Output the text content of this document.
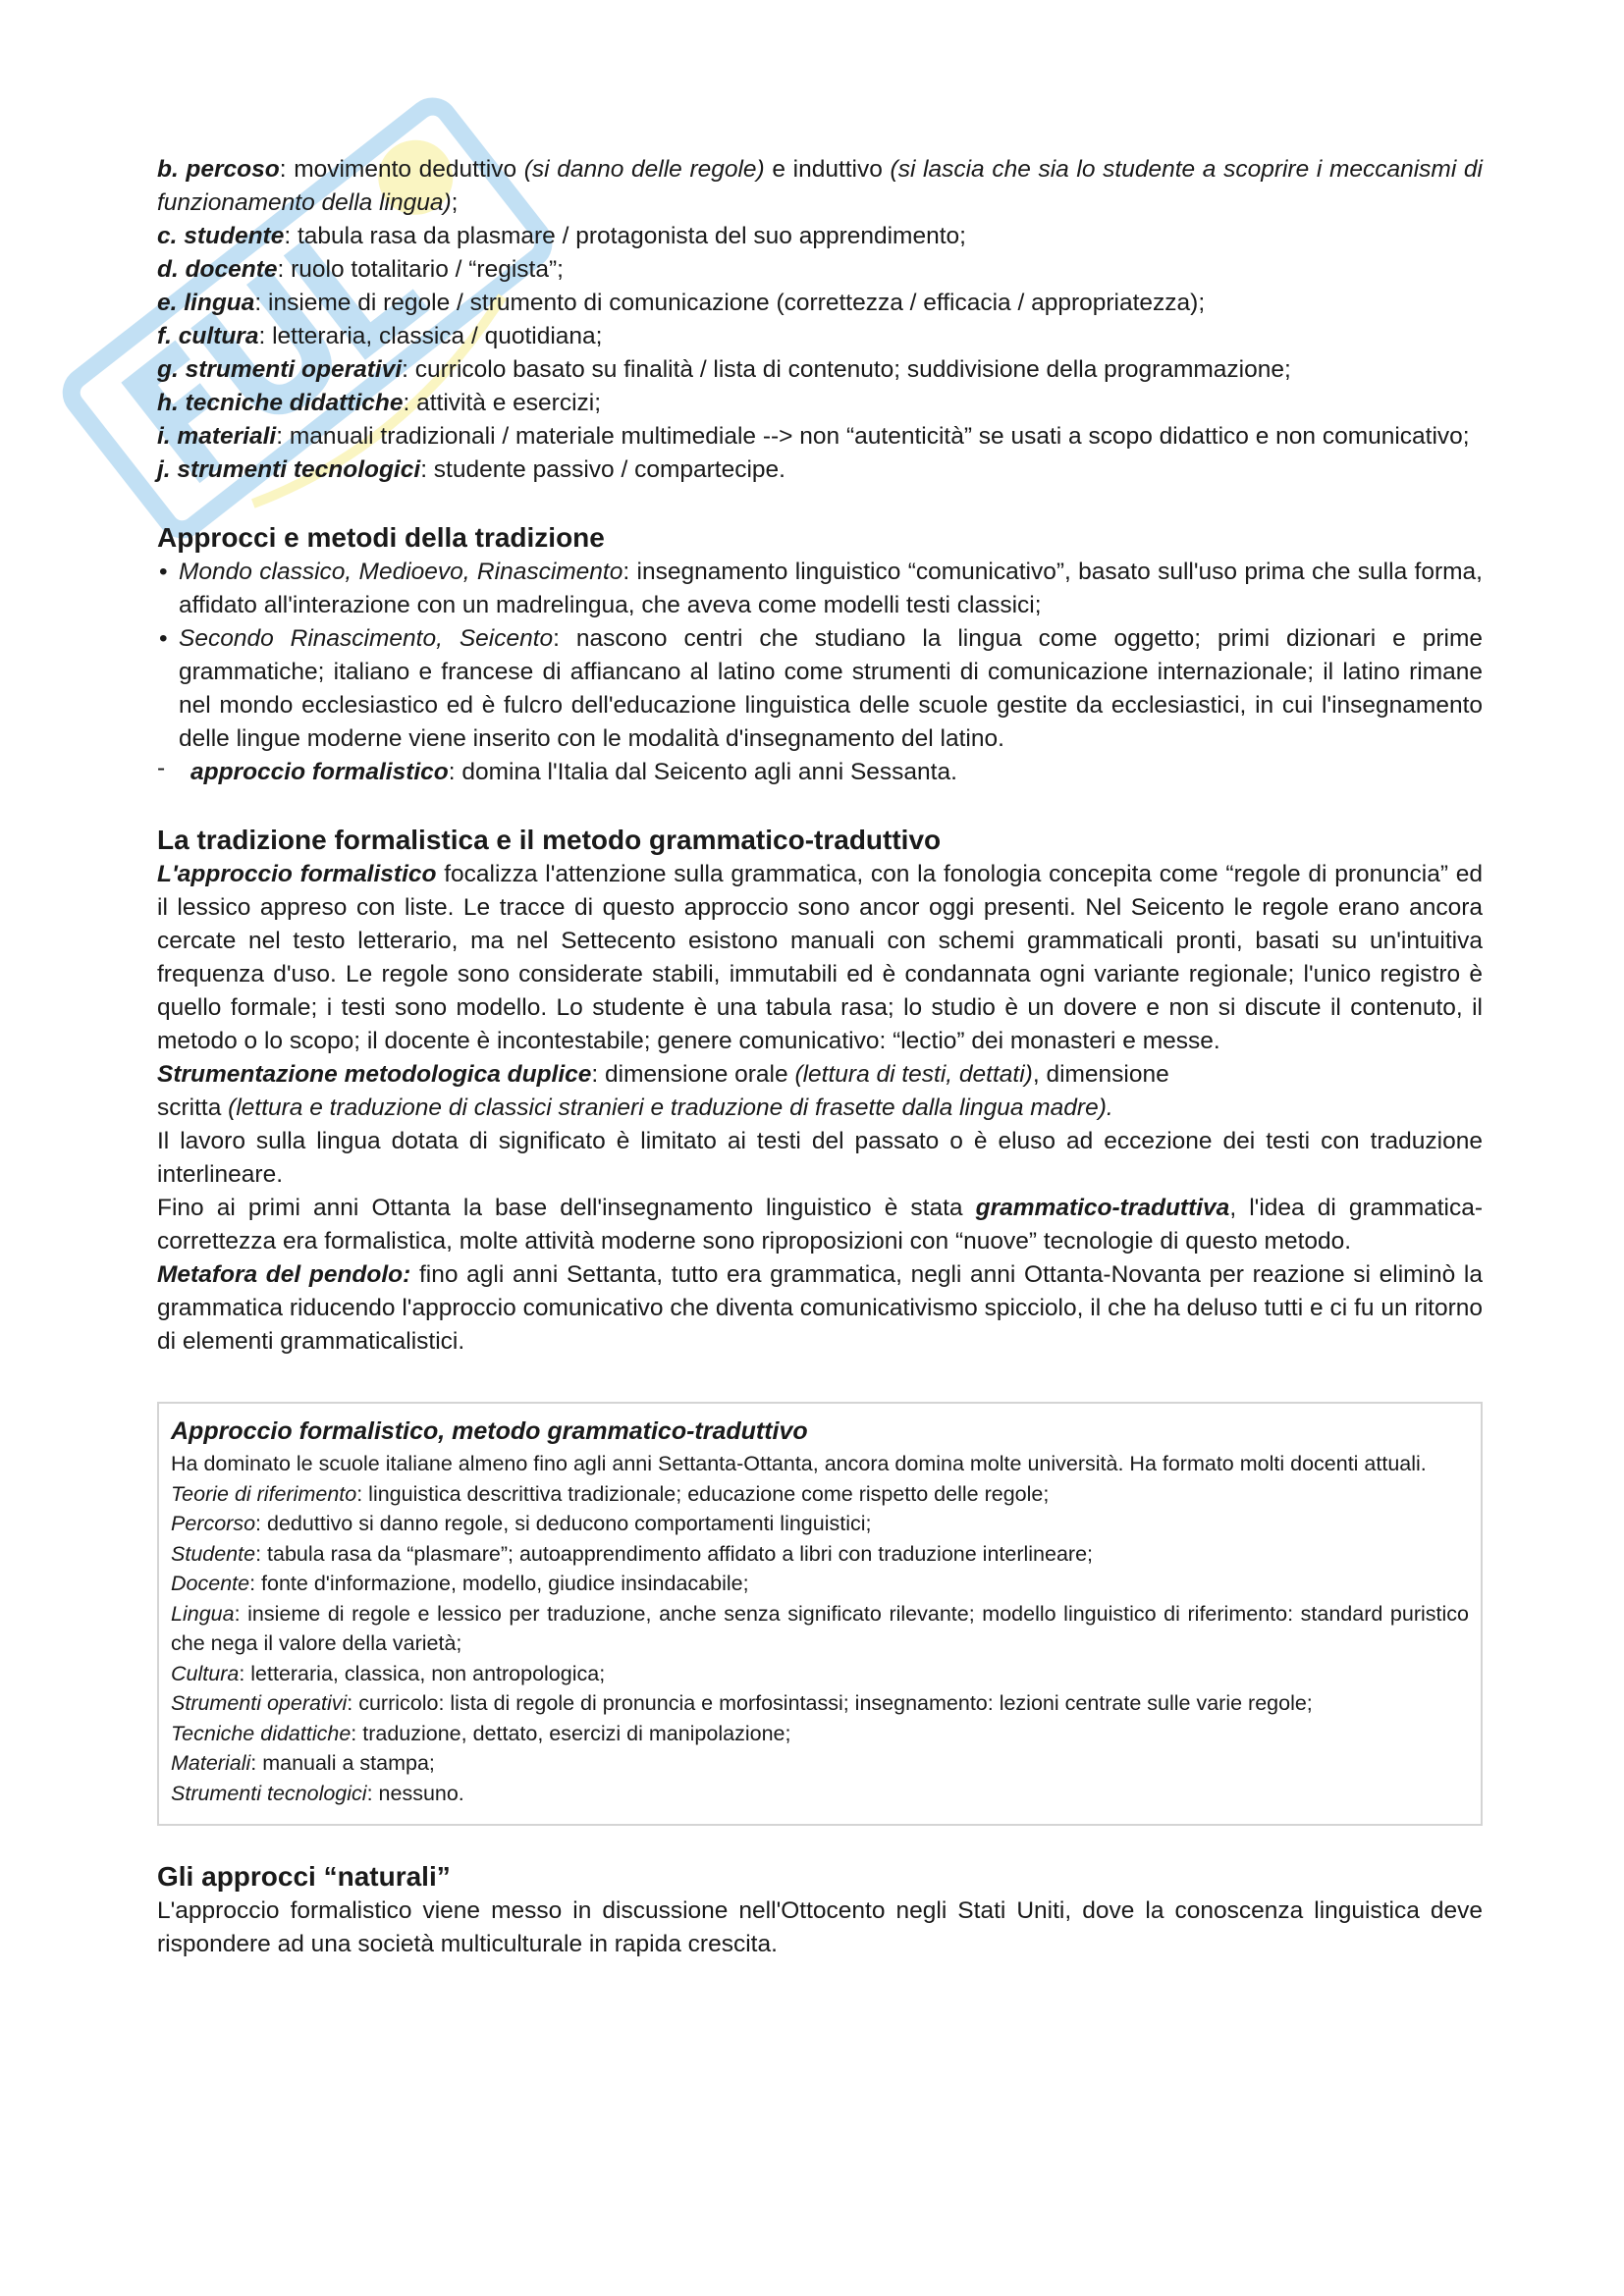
b. percoso: movimento deduttivo (si danno delle regole) e induttivo (si lascia che sia lo studente a scoprire i meccanismi di funzionamento della lingua);

c. studente: tabula rasa da plasmare / protagonista del suo apprendimento;

d. docente: ruolo totalitario / “regista”;

e. lingua: insieme di regole / strumento di comunicazione (correttezza / efficacia / appropriatezza);

f. cultura: letteraria, classica / quotidiana;

g. strumenti operativi: curricolo basato su finalità / lista di contenuto; suddivisione della programmazione;

h. tecniche didattiche: attività e esercizi;

i. materiali: manuali tradizionali / materiale multimediale --> non “autenticità” se usati a scopo didattico e non comunicativo;

j. strumenti tecnologici: studente passivo / compartecipe.

Approcci e metodi della tradizione
• Mondo classico, Medioevo, Rinascimento: insegnamento linguistico “comunicativo”, basato sull'uso prima che sulla forma, affidato all'interazione con un madrelingua, che aveva come modelli testi classici;
• Secondo Rinascimento, Seicento: nascono centri che studiano la lingua come oggetto; primi dizionari e prime grammatiche; italiano e francese di affiancano al latino come strumenti di comunicazione internazionale; il latino rimane nel mondo ecclesiastico ed è fulcro dell'educazione linguistica delle scuole gestite da ecclesiastici, in cui l'insegnamento delle lingue moderne viene inserito con le modalità d'insegnamento del latino.
- approccio formalistico: domina l'Italia dal Seicento agli anni Sessanta.
La tradizione formalistica e il metodo grammatico-traduttivo

L'approccio formalistico focalizza l'attenzione sulla grammatica, con la fonologia concepita come “regole di pronuncia” ed il lessico appreso con liste. Le tracce di questo approccio sono ancor oggi presenti. Nel Seicento le regole erano ancora cercate nel testo letterario, ma nel Settecento esistono manuali con schemi grammaticali pronti, basati su un'intuitiva frequenza d'uso. Le regole sono considerate stabili, immutabili ed è condannata ogni variante regionale; l'unico registro è quello formale; i testi sono modello. Lo studente è una tabula rasa; lo studio è un dovere e non si discute il contenuto, il metodo o lo scopo; il docente è incontestabile; genere comunicativo: “lectio” dei monasteri e messe.

Strumentazione metodologica duplice: dimensione orale (lettura di testi, dettati), dimensione
scritta (lettura e traduzione di classici stranieri e traduzione di frasette dalla lingua madre).

Il lavoro sulla lingua dotata di significato è limitato ai testi del passato o è eluso ad eccezione dei testi con traduzione interlineare.

Fino ai primi anni Ottanta la base dell'insegnamento linguistico è stata grammatico-traduttiva, l'idea di grammatica-correttezza era formalistica, molte attività moderne sono riproposizioni con “nuove” tecnologie di questo metodo.

Metafora del pendolo: fino agli anni Settanta, tutto era grammatica, negli anni Ottanta-Novanta per reazione si eliminò la grammatica riducendo l'approccio comunicativo che diventa comunicativismo spicciolo, il che ha deluso tutti e ci fu un ritorno di elementi grammaticalistici.

Approccio formalistico, metodo grammatico-traduttivo

Ha dominato le scuole italiane almeno fino agli anni Settanta-Ottanta, ancora domina molte università. Ha formato molti docenti attuali.

Teorie di riferimento: linguistica descrittiva tradizionale; educazione come rispetto delle regole;

Percorso: deduttivo si danno regole, si deducono comportamenti linguistici;

Studente: tabula rasa da “plasmare”; autoapprendimento affidato a libri con traduzione interlineare;

Docente: fonte d'informazione, modello, giudice insindacabile;

Lingua: insieme di regole e lessico per traduzione, anche senza significato rilevante; modello linguistico di riferimento: standard puristico che nega il valore della varietà;

Cultura: letteraria, classica, non antropologica;

Strumenti operativi: curricolo: lista di regole di pronuncia e morfosintassi; insegnamento: lezioni centrate sulle varie regole;

Tecniche didattiche: traduzione, dettato, esercizi di manipolazione;

Materiali: manuali a stampa;

Strumenti tecnologici: nessuno.

Gli approcci “naturali”

L'approccio formalistico viene messo in discussione nell'Ottocento negli Stati Uniti, dove la conoscenza linguistica deve rispondere ad una società multiculturale in rapida crescita.
